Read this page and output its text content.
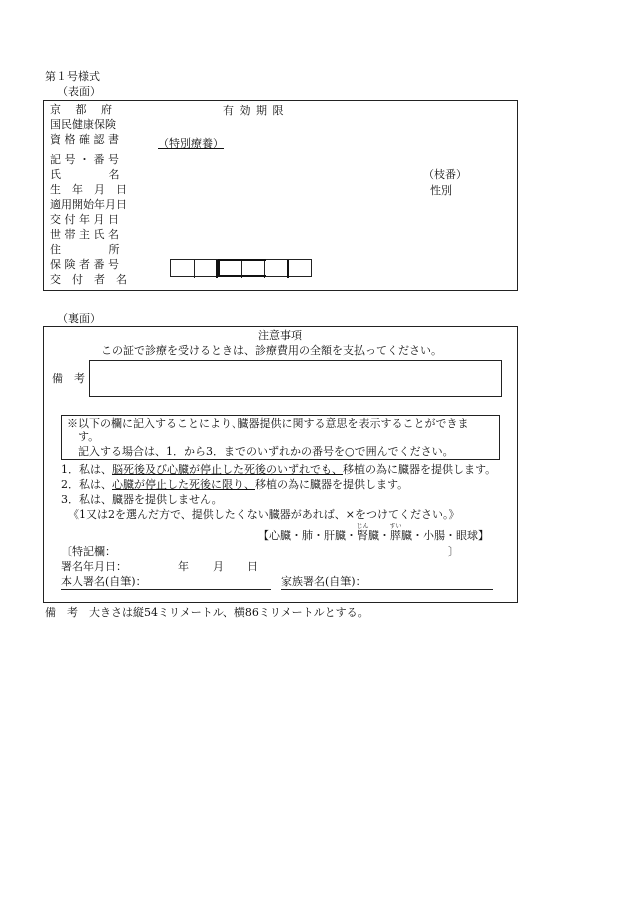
第１号様式
（表面）
有 効 期 限
（特別療養）
（枝番）
性別
京　 都　 府
国民健康保険
資 格 確 認 書
記 号 ・ 番 号
氏　　　　 名
生　年　月　日
適用開始年月日
交 付 年 月 日
世 帯 主 氏 名
住　　　　 所
保 険 者 番 号
交　付　者　名
（裏面）
注意事項
この証で診療を受けるときは、診療費用の全額を支払ってください。
備　考
※以下の欄に記入することにより､臓器提供に関する意思を表示することができま
す。
記入する場合は、1．から3．までのいずれかの番号を○で囲んでください。
1．私は、脳死後及び心臓が停止した死後のいずれでも、移植の為に臓器を提供します。
2．私は、心臓が停止した死後に限り、移植の為に臓器を提供します。
3．私は、臓器を提供しません。
《1又は2を選んだ方で、提供したくない臓器があれば、×をつけてください。》
【心臓・肺・肝臓・腎じん臓・膵すい臓・小腸・眼球】
〔特記欄：	〕
署名年月日：	年 月 日
本人署名(自筆)：	家族署名(自筆)：
備　考　大きさは縦54ミリメートル、横86ミリメートルとする。
